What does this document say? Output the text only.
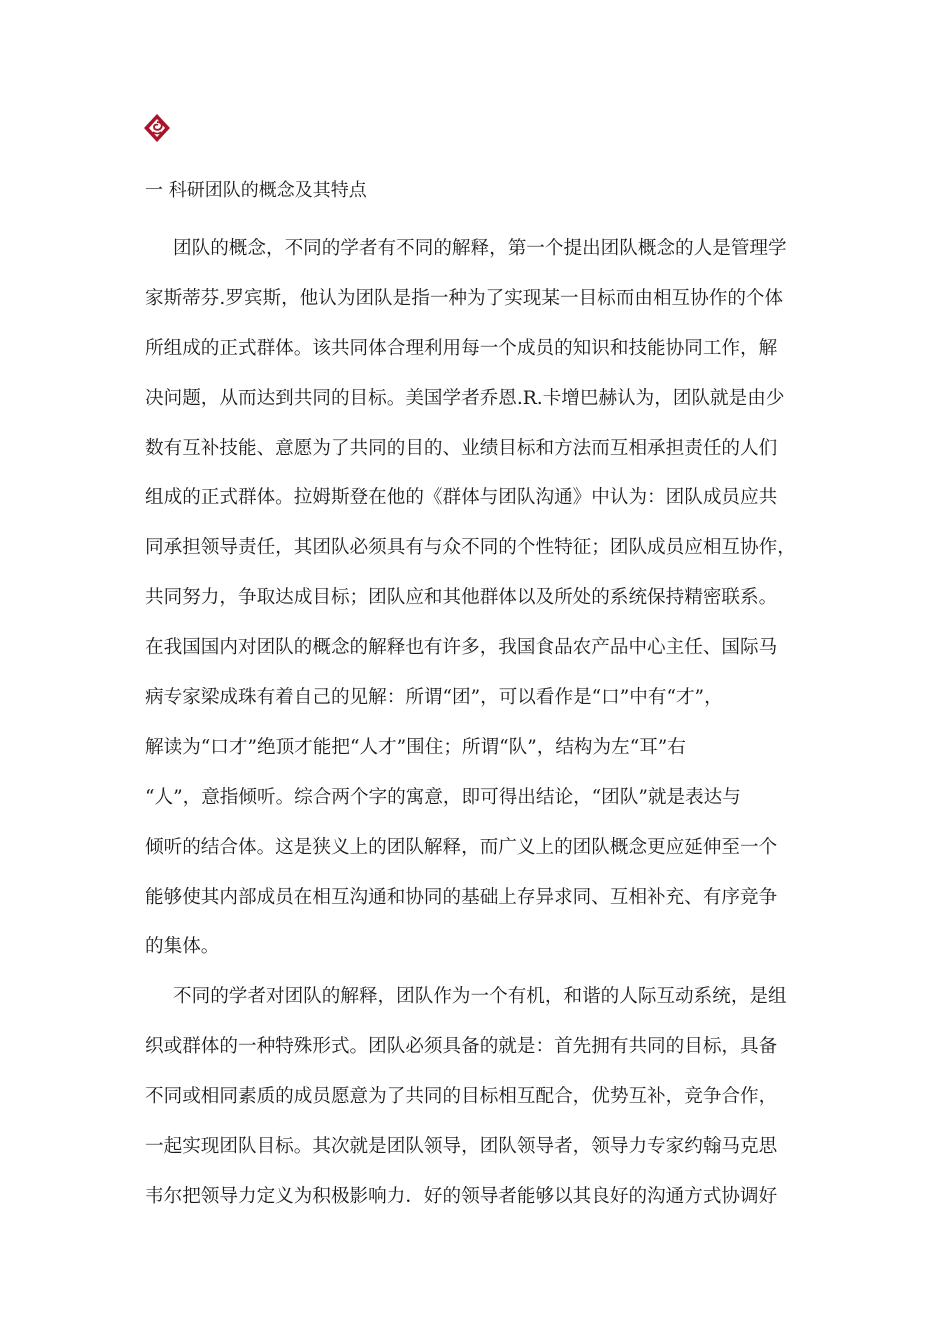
一 科研团队的概念及其特点
团队的概念，不同的学者有不同的解释，第一个提出团队概念的人是管理学
家斯蒂芬.罗宾斯，他认为团队是指一种为了实现某一目标而由相互协作的个体
所组成的正式群体。该共同体合理利用每一个成员的知识和技能协同工作，解
决问题，从而达到共同的目标。美国学者乔恩.R.卡增巴赫认为，团队就是由少
数有互补技能、意愿为了共同的目的、业绩目标和方法而互相承担责任的人们
组成的正式群体。拉姆斯登在他的《群体与团队沟通》中认为：团队成员应共
同承担领导责任，其团队必须具有与众不同的个性特征；团队成员应相互协作，
共同努力，争取达成目标；团队应和其他群体以及所处的系统保持精密联系。
在我国国内对团队的概念的解释也有许多，我国食品农产品中心主任、国际马
病专家梁成珠有着自己的见解：所谓“团”，可以看作是“口”中有“才”，
解读为“口才”绝顶才能把“人才”围住；所谓“队”，结构为左“耳”右
“人”，意指倾听。综合两个字的寓意，即可得出结论，“团队”就是表达与
倾听的结合体。这是狭义上的团队解释，而广义上的团队概念更应延伸至一个
能够使其内部成员在相互沟通和协同的基础上存异求同、互相补充、有序竞争
的集体。
不同的学者对团队的解释，团队作为一个有机，和谐的人际互动系统，是组
织或群体的一种特殊形式。团队必须具备的就是：首先拥有共同的目标，具备
不同或相同素质的成员愿意为了共同的目标相互配合，优势互补，竞争合作，
一起实现团队目标。其次就是团队领导，团队领导者，领导力专家约翰马克思
韦尔把领导力定义为积极影响力．好的领导者能够以其良好的沟通方式协调好
